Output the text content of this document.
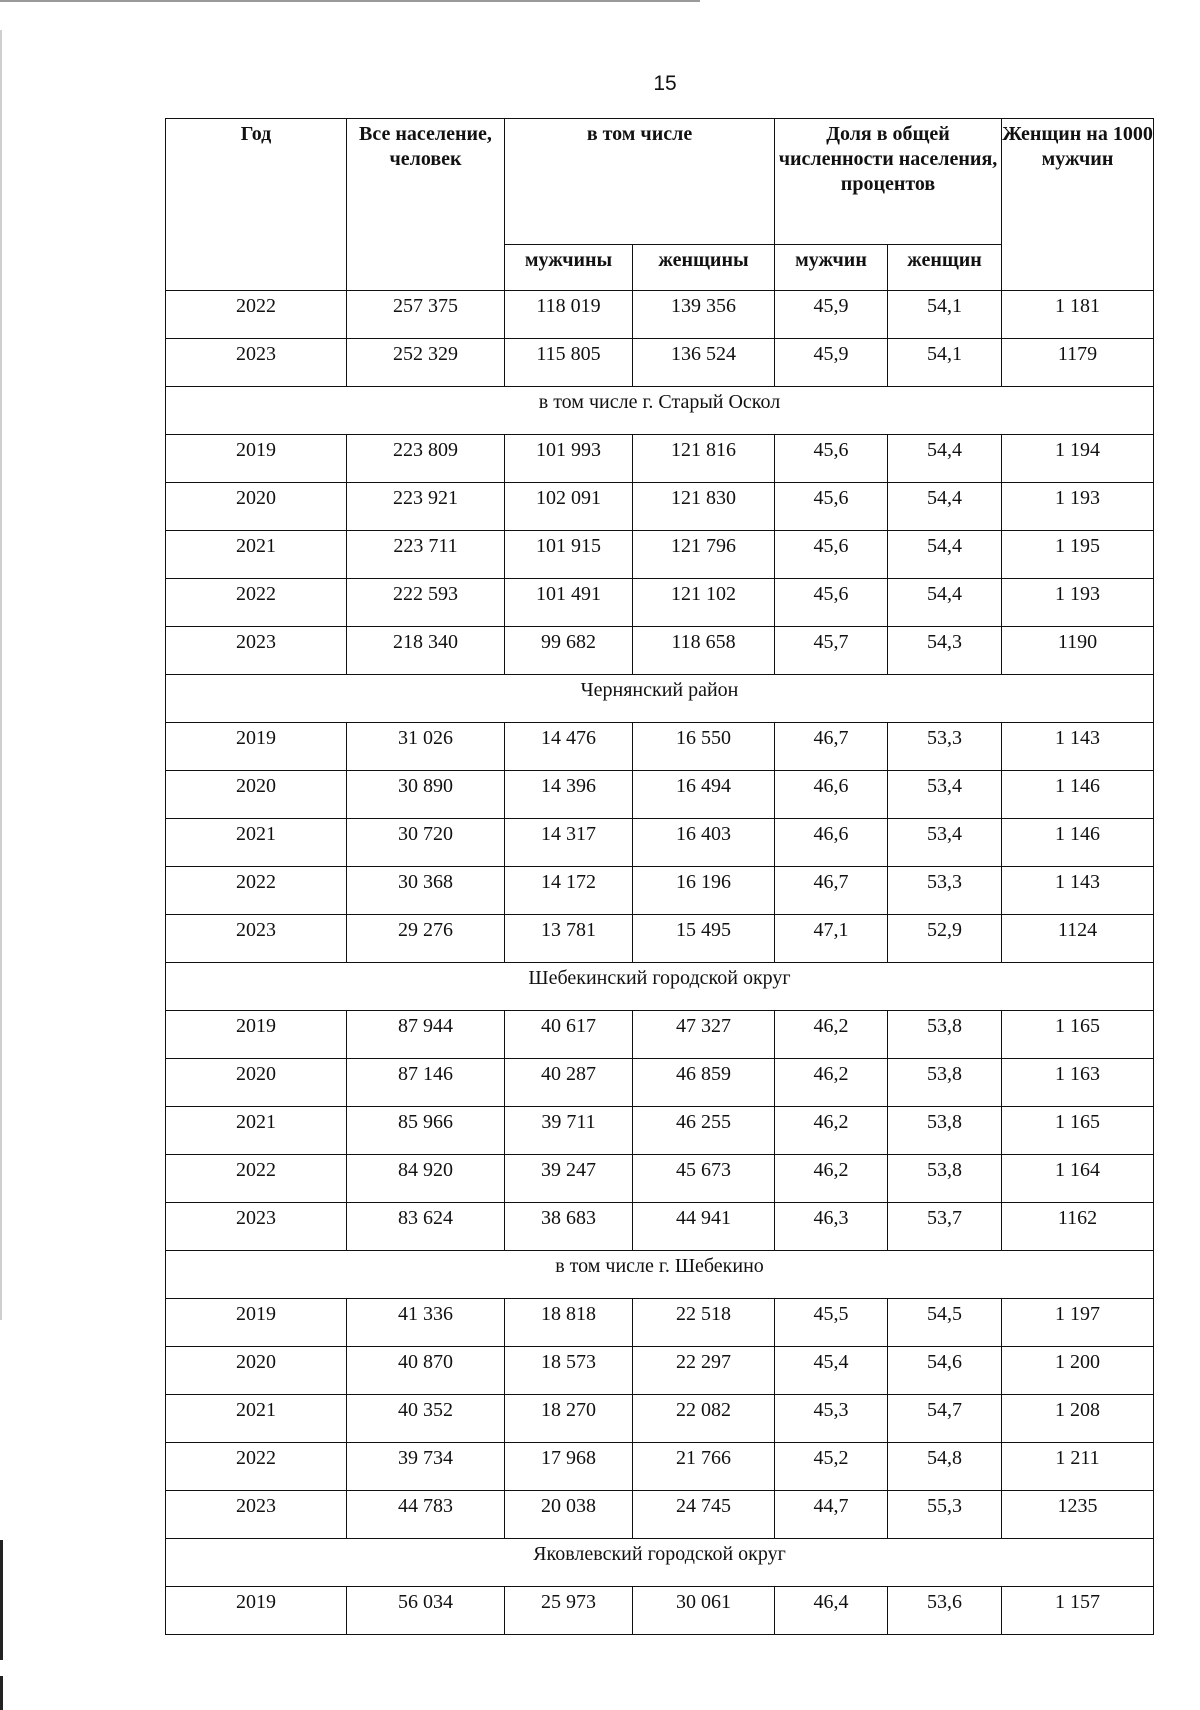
15
Год	Все население, человек	в том числе		Доля в общей численности населения, процентов		Женщин на 1000 мужчин
		мужчины	женщины	мужчин	женщин	
2022	257 375	118 019	139 356	45,9	54,1	1 181
2023	252 329	115 805	136 524	45,9	54,1	1179
в том числе г. Старый Оскол						
2019	223 809	101 993	121 816	45,6	54,4	1 194
2020	223 921	102 091	121 830	45,6	54,4	1 193
2021	223 711	101 915	121 796	45,6	54,4	1 195
2022	222 593	101 491	121 102	45,6	54,4	1 193
2023	218 340	99 682	118 658	45,7	54,3	1190
Чернянский район						
2019	31 026	14 476	16 550	46,7	53,3	1 143
2020	30 890	14 396	16 494	46,6	53,4	1 146
2021	30 720	14 317	16 403	46,6	53,4	1 146
2022	30 368	14 172	16 196	46,7	53,3	1 143
2023	29 276	13 781	15 495	47,1	52,9	1124
Шебекинский городской округ						
2019	87 944	40 617	47 327	46,2	53,8	1 165
2020	87 146	40 287	46 859	46,2	53,8	1 163
2021	85 966	39 711	46 255	46,2	53,8	1 165
2022	84 920	39 247	45 673	46,2	53,8	1 164
2023	83 624	38 683	44 941	46,3	53,7	1162
в том числе г. Шебекино						
2019	41 336	18 818	22 518	45,5	54,5	1 197
2020	40 870	18 573	22 297	45,4	54,6	1 200
2021	40 352	18 270	22 082	45,3	54,7	1 208
2022	39 734	17 968	21 766	45,2	54,8	1 211
2023	44 783	20 038	24 745	44,7	55,3	1235
Яковлевский городской округ						
2019	56 034	25 973	30 061	46,4	53,6	1 157
